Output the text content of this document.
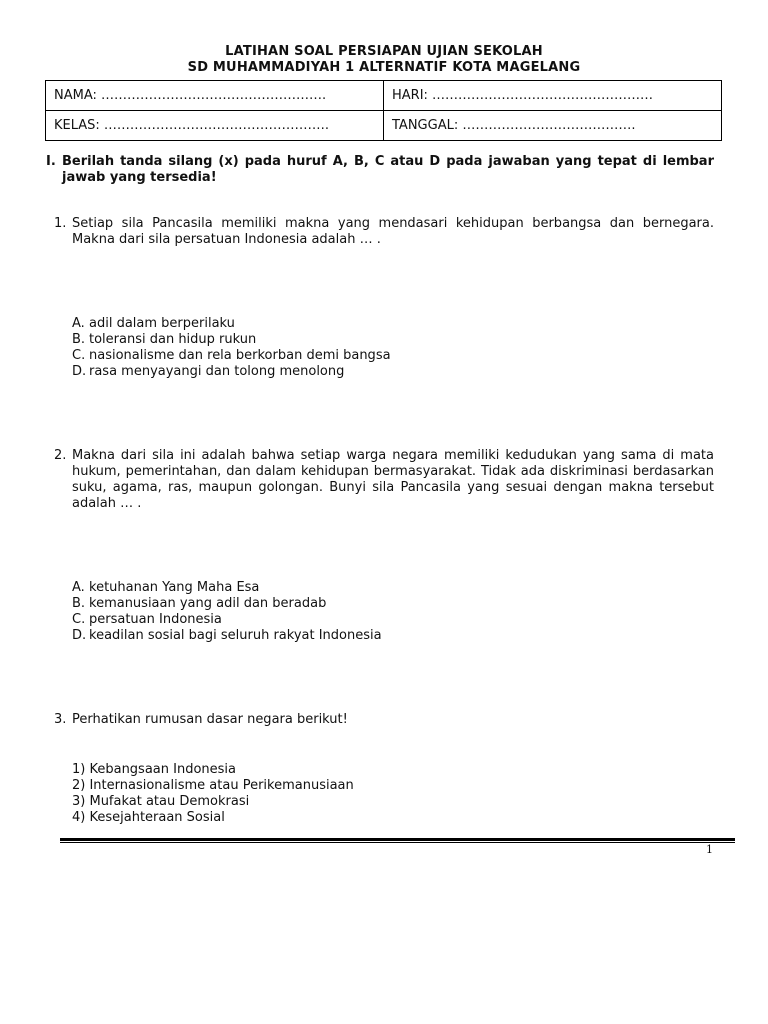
LATIHAN SOAL PERSIAPAN UJIAN SEKOLAH
SD MUHAMMADIYAH 1 ALTERNATIF KOTA MAGELANG
NAMA: …………………………………………….	HARI: ……………………………………………
KELAS: …………………………………………….	TANGGAL: ………………………………….
I. Berilah tanda silang (x) pada huruf A, B, C atau D pada jawaban yang tepat di lembar jawab yang tersedia!
1. Setiap sila Pancasila memiliki makna yang mendasari kehidupan berbangsa dan bernegara. Makna dari sila persatuan Indonesia adalah … .
A. adil dalam berperilaku
B. toleransi dan hidup rukun
C. nasionalisme dan rela berkorban demi bangsa
D. rasa menyayangi dan tolong menolong
2. Makna dari sila ini adalah bahwa setiap warga negara memiliki kedudukan yang sama di mata hukum, pemerintahan, dan dalam kehidupan bermasyarakat. Tidak ada diskriminasi berdasarkan suku, agama, ras, maupun golongan. Bunyi sila Pancasila yang sesuai dengan makna tersebut adalah … .
A. ketuhanan Yang Maha Esa
B. kemanusiaan yang adil dan beradab
C. persatuan Indonesia
D. keadilan sosial bagi seluruh rakyat Indonesia
3. Perhatikan rumusan dasar negara berikut!
1) Kebangsaan Indonesia
2) Internasionalisme atau Perikemanusiaan
3) Mufakat atau Demokrasi
4) Kesejahteraan Sosial
1
